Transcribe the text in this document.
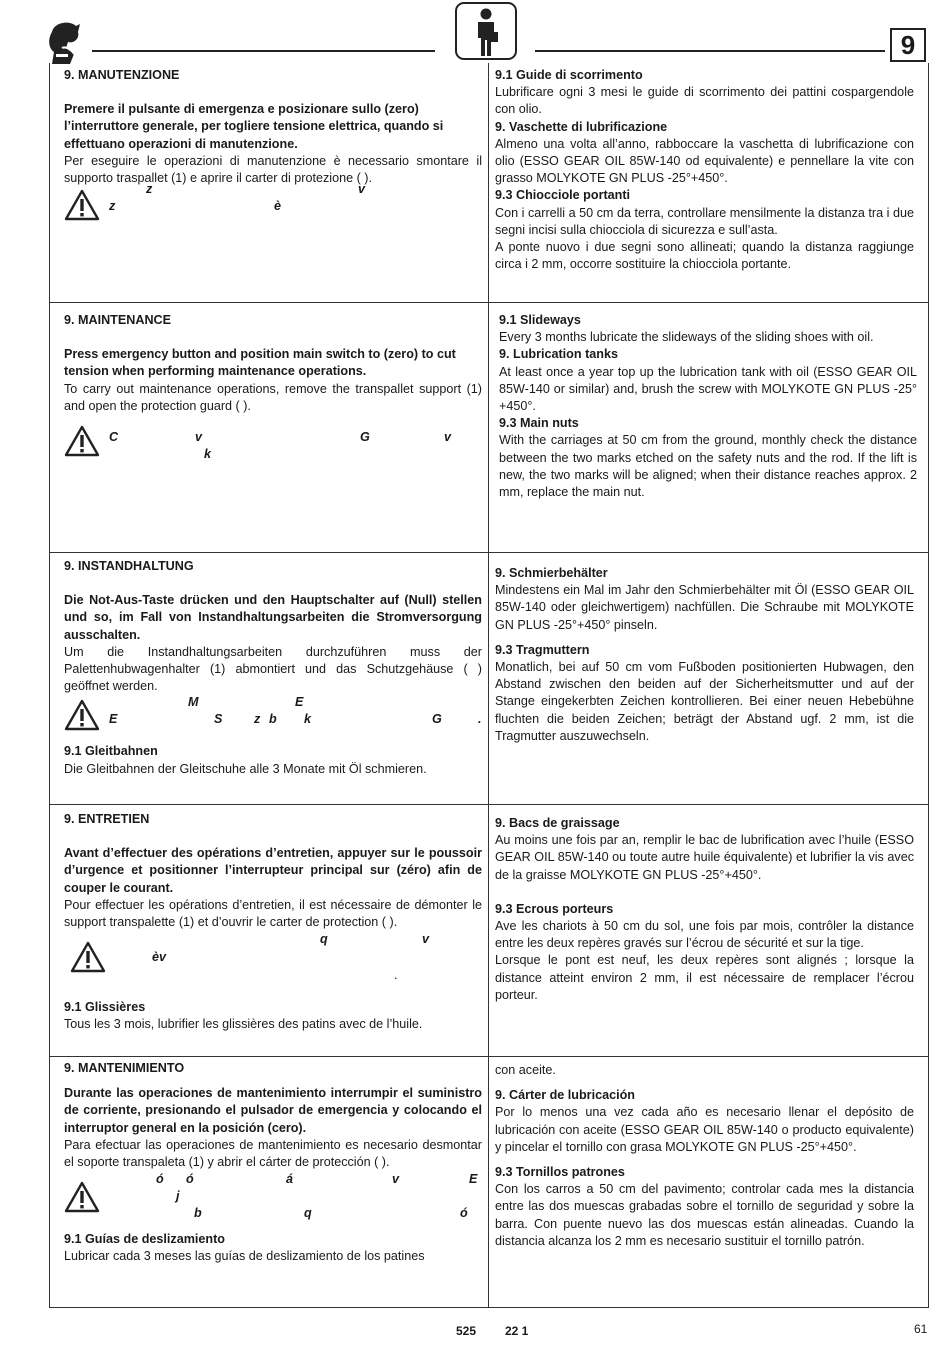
9

9. MANUTENZIONE

Premere il pulsante di emergenza e posizionare sullo (zero) l’interruttore generale, per togliere tensione elettrica, quando si effettuano operazioni di manutenzione.

Per eseguire le operazioni di manutenzione è necessario smontare il supporto traspallet (1) e aprire il carter di protezione ( ).

z	v
z	è

9.1 Guide di scorrimento

Lubrificare ogni 3 mesi le guide di scorrimento dei pattini cospargendole con olio.

9. Vaschette di lubrificazione

Almeno una volta all’anno, rabboccare la vaschetta di lubrificazione con olio (ESSO GEAR OIL 85W-140 od equivalente) e pennellare la vite con grasso MOLYKOTE GN PLUS -25°+450°.

9.3 Chiocciole portanti

Con i carrelli a 50 cm da terra, controllare mensilmente la distanza tra i due segni incisi sulla chiocciola di sicurezza e sull’asta.

A ponte nuovo i due segni sono allineati; quando la distanza raggiunge circa i 2 mm, occorre sostituire la chiocciola portante.

9. MAINTENANCE

Press emergency button and position main switch to (zero) to cut tension when performing maintenance operations.

To carry out maintenance operations, remove the transpallet support (1) and open the protection guard ( ).

C	v	G	v
k

9.1 Slideways

Every 3 months lubricate the slideways of the sliding shoes with oil.

9. Lubrication tanks

At least once a year top up the lubrication tank with oil (ESSO GEAR OIL 85W-140 or similar) and, brush the screw with MOLYKOTE GN PLUS -25°+450°.

9.3 Main nuts

With the carriages at 50 cm from the ground, monthly check the distance between the two marks etched on the safety nuts and the rod. If the lift is new, the two marks will be aligned; when their distance reaches approx. 2 mm, replace the main nut.

9. INSTANDHALTUNG

Die Not-Aus-Taste drücken und den Hauptschalter auf (Null) stellen und so, im Fall von Instandhaltungsarbeiten die Stromversorgung ausschalten.

Um die Instandhaltungsarbeiten durchzuführen muss der Palettenhubwagenhalter (1) abmontiert und das Schutzgehäuse ( ) geöffnet werden.

M	E
E	S	z b k	G	.

9.1 Gleitbahnen

Die Gleitbahnen der Gleitschuhe alle 3 Monate mit Öl schmieren.

9. Schmierbehälter

Mindestens ein Mal im Jahr den Schmierbehälter mit Öl (ESSO GEAR OIL 85W-140 oder gleichwertigem) nachfüllen. Die Schraube mit MOLYKOTE GN PLUS -25°+450° pinseln.

9.3 Tragmuttern

Monatlich, bei auf 50 cm vom Fußboden positionierten Hubwagen, den Abstand zwischen den beiden auf der Sicherheitsmutter und auf der Stange eingekerbten Zeichen kontrollieren. Bei einer neuen Hebebühne fluchten die beiden Zeichen; beträgt der Abstand ugf. 2 mm, ist die Tragmutter auszuwechseln.

9. ENTRETIEN

Avant d’effectuer des opérations d’entretien, appuyer sur le poussoir d’urgence et positionner l’interrupteur principal sur (zéro) afin de couper le courant.

Pour effectuer les opérations d’entretien, il est nécessaire de démonter le support transpalette (1) et d’ouvrir le carter de protection ( ).

q	v
èv
.

9.1 Glissières

Tous les 3 mois, lubrifier les glissières des patins avec de l’huile.

9. Bacs de graissage

Au moins une fois par an, remplir le bac de lubrification avec l’huile (ESSO GEAR OIL 85W-140 ou toute autre huile équivalente) et lubrifier la vis avec de la graisse MOLYKOTE GN PLUS -25°+450°.

9.3 Ecrous porteurs

Ave les chariots à 50 cm du sol, une fois par mois, contrôler la distance entre les deux repères gravés sur l’écrou de sécurité et sur la tige.

Lorsque le pont est neuf, les deux repères sont alignés ; lorsque la distance atteint environ 2 mm, il est nécessaire de remplacer l’écrou porteur.

9. MANTENIMIENTO

Durante las operaciones de mantenimiento interrumpir el suministro de corriente, presionando el pulsador de emergencia y colocando el interruptor general en la posición (cero).

Para efectuar las operaciones de mantenimiento es necesario desmontar el soporte transpaleta (1) y abrir el cárter de protección ( ).

ó ó	á	v	E
j
b	q	ó

9.1 Guías de deslizamiento

Lubricar cada 3 meses las guías de deslizamiento de los patines

con aceite.

9. Cárter de lubricación

Por lo menos una vez cada año es necesario llenar el depósito de lubricación con aceite (ESSO GEAR OIL 85W-140 o producto equivalente) y pincelar el tornillo con grasa MOLYKOTE GN PLUS -25°+450°.

9.3 Tornillos patrones

Con los carros a 50 cm del pavimento; controlar cada mes la distancia entre las dos muescas grabadas sobre el tornillo de seguridad y sobre la barra. Con puente nuevo las dos muescas están alineadas. Cuando la distancia alcanza los 2 mm es necesario sustituir el tornillo patrón.

525 22 1	61
